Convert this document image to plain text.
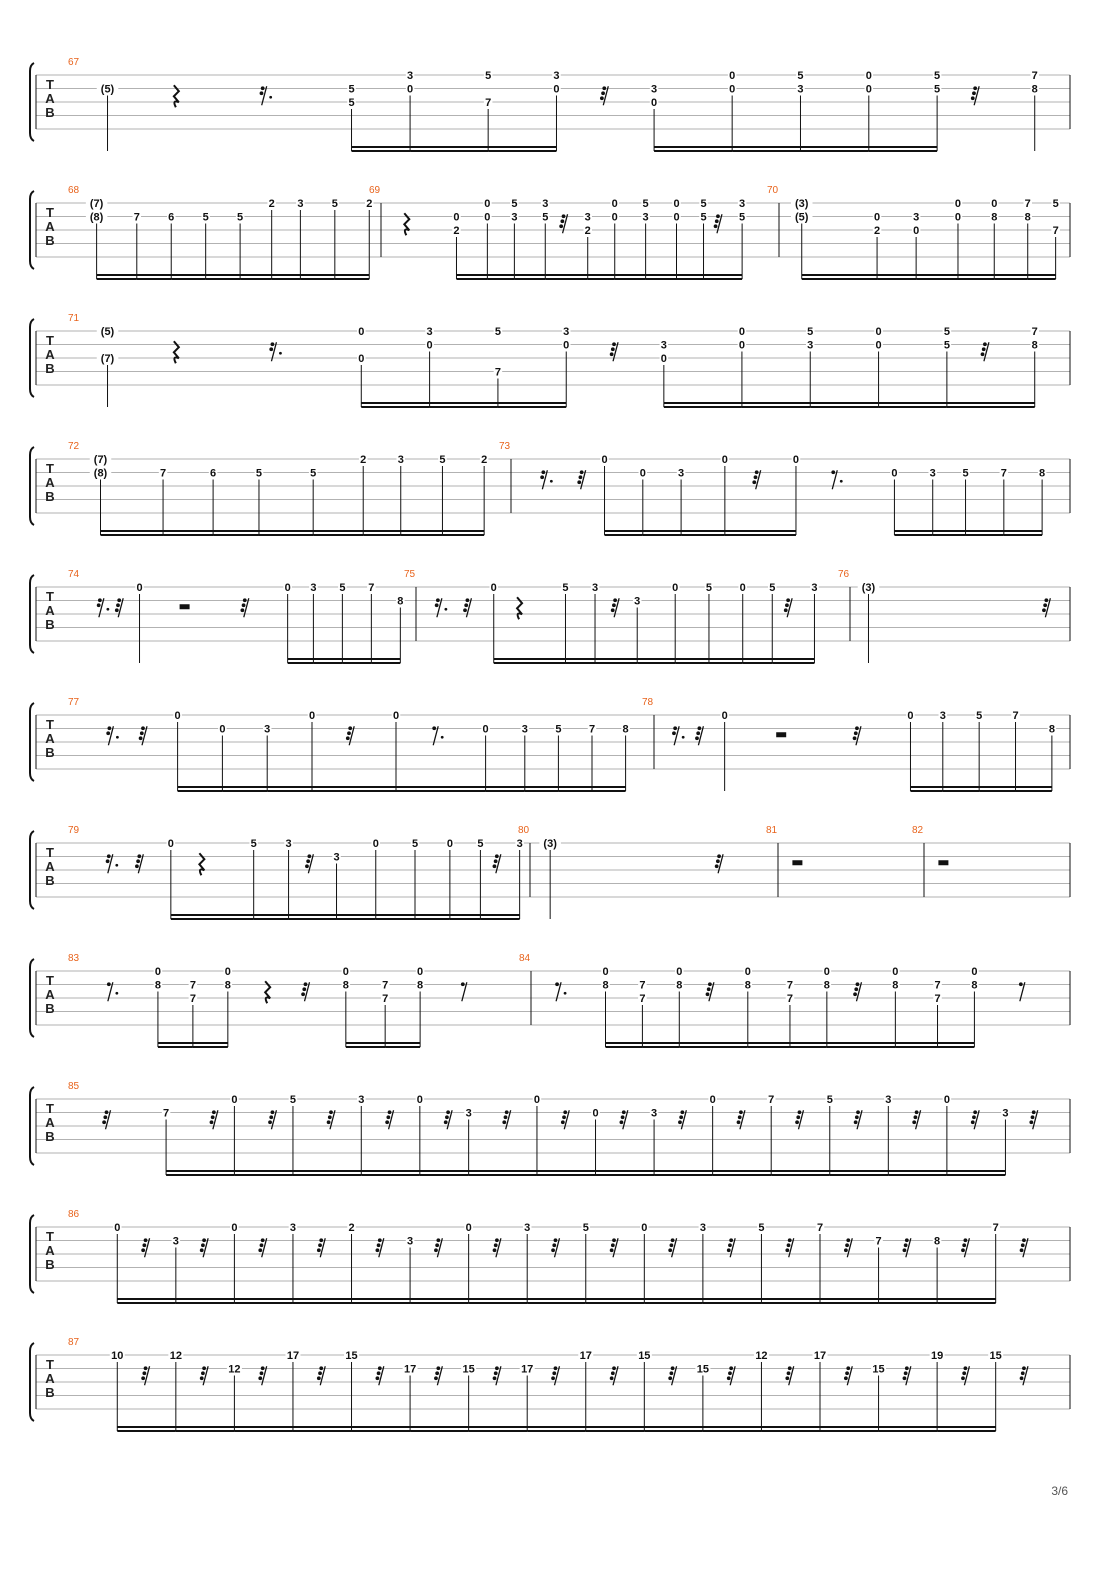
T
A
B
67
(5)	5
5
3
0
5
7
3
0	3
0
0
0
5
3
0
0
5
5
7
8
T
A
B
68
(7)
(8)	7	6	5	5
2 3	5	2
69
0
2
0
0
5
3
3
5	3
2
0
0
5
3
0
0
5
5
3
5
70
(3)
(5)	0
2
3
0
0
0
0
8
7
8
5
7
T
A
B
71
(5)
(7)
0
0
3
0
5
7
3
0	3
0
0
0
5
3
0
0
5
5
7
8
T
A
B
72
(7)
(8)	7	6	5	5
2	3	5	2
73
0
0	3
0	0
0	3 5	7	8
T
A
B
74
0	0 3 5 7
8
75
0	5 3
3
0	5	0 5	3
76
(3)
T
A
B
77
0
0	3
0	0
0	3 5 7 8
78
0	0 3	5	7
8
T
A
B
79
0	5	3
3
0	5	0 5	3
80
(3)
81	82
T
A
B
83
0
8	7
7
0
8
0
8	7
7
0
8
84
0
8	7
7
0
8
0
8	7
7
0
8
0
8	7
7
0
8
T
A
B
85
7
0	5	3	0
3
0
0	3
0	7	5	3	0
3
T
A
B
86
0
3
0	3	2
3
0	3	5	0	3	5	7
7	8
7
T
A
B
87
10	12
12
17	15
17	15	17
17	15
15
12	17
15
19	15
3/6
